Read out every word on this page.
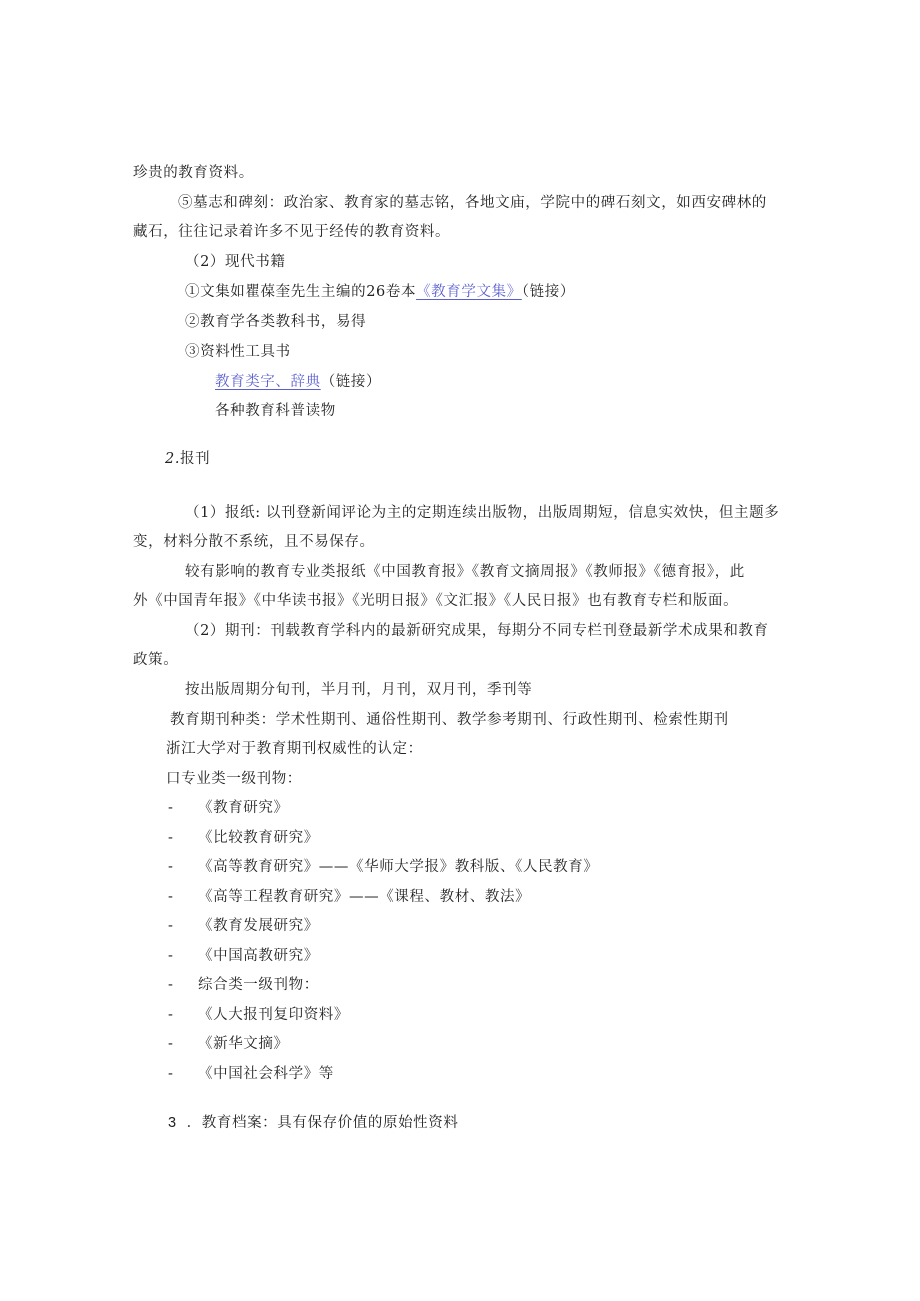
珍贵的教育资料。
⑤墓志和碑刻：政治家、教育家的墓志铭，各地文庙，学院中的碑石刻文，如西安碑林的
藏石，往往记录着许多不见于经传的教育资料。
（2）现代书籍
①文集如瞿葆奎先生主编的26卷本《教育学文集》（链接）
②教育学各类教科书，易得
③资料性工具书
教育类字、辞典（链接）
各种教育科普读物
2.报刊
（1）报纸: 以刊登新闻评论为主的定期连续出版物，出版周期短，信息实效快，但主题多
变，材料分散不系统，且不易保存。
较有影响的教育专业类报纸《中国教育报》《教育文摘周报》《教师报》《德育报》，此
外《中国青年报》《中华读书报》《光明日报》《文汇报》《人民日报》也有教育专栏和版面。
（2）期刊：刊载教育学科内的最新研究成果，每期分不同专栏刊登最新学术成果和教育
政策。
按出版周期分旬刊，半月刊，月刊，双月刊，季刊等
教育期刊种类：学术性期刊、通俗性期刊、教学参考期刊、行政性期刊、检索性期刊
浙江大学对于教育期刊权威性的认定：
口专业类一级刊物：
- 《教育研究》
- 《比较教育研究》
- 《高等教育研究》——《华师大学报》教科版、《人民教育》
- 《高等工程教育研究》——《课程、教材、教法》
- 《教育发展研究》
- 《中国高教研究》
- 综合类一级刊物：
- 《人大报刊复印资料》
- 《新华文摘》
- 《中国社会科学》等
3 ．教育档案：具有保存价值的原始性资料
